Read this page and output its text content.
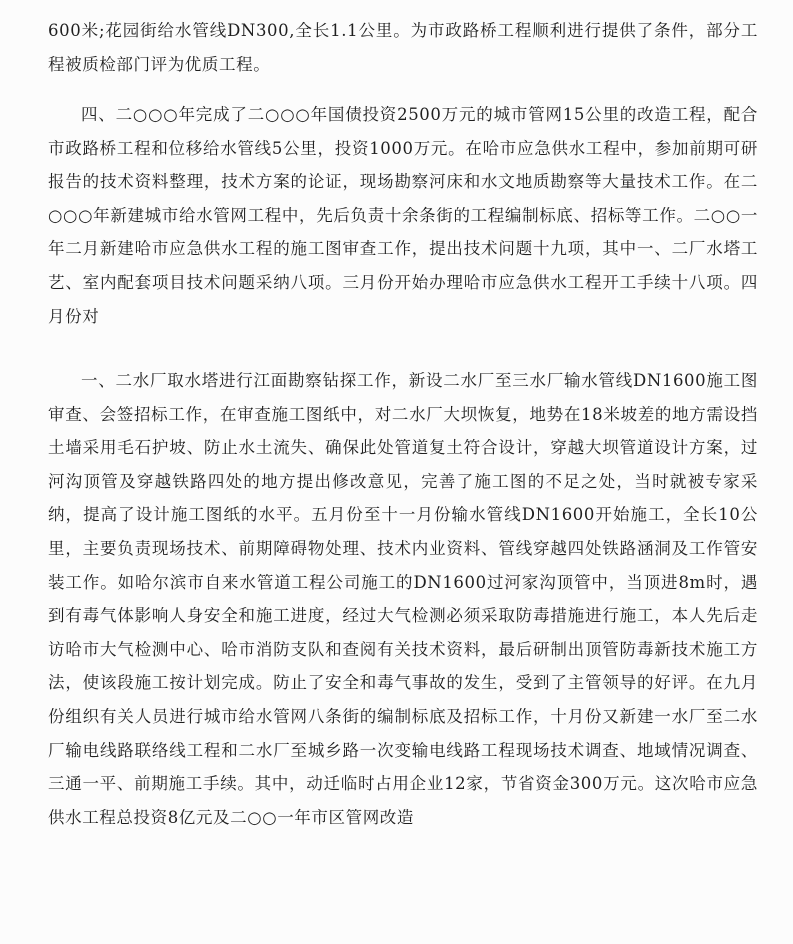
600米;花园街给水管线DN300,全长1.1公里。为市政路桥工程顺利进行提供了条件，部分工程被质检部门评为优质工程。
四、二○○○年完成了二○○○年国债投资2500万元的城市管网15公里的改造工程，配合市政路桥工程和位移给水管线5公里，投资1000万元。在哈市应急供水工程中，参加前期可研报告的技术资料整理，技术方案的论证，现场勘察河床和水文地质勘察等大量技术工作。在二○○○年新建城市给水管网工程中，先后负责十余条街的工程编制标底、招标等工作。二○○一年二月新建哈市应急供水工程的施工图审查工作，提出技术问题十九项，其中一、二厂水塔工艺、室内配套项目技术问题采纳八项。三月份开始办理哈市应急供水工程开工手续十八项。四月份对
一、二水厂取水塔进行江面勘察钻探工作，新设二水厂至三水厂输水管线DN1600施工图审查、会签招标工作，在审查施工图纸中，对二水厂大坝恢复，地势在18米坡差的地方需设挡土墙采用毛石护坡、防止水土流失、确保此处管道复土符合设计，穿越大坝管道设计方案，过河沟顶管及穿越铁路四处的地方提出修改意见，完善了施工图的不足之处，当时就被专家采纳，提高了设计施工图纸的水平。五月份至十一月份输水管线DN1600开始施工，全长10公里，主要负责现场技术、前期障碍物处理、技术内业资料、管线穿越四处铁路涵洞及工作管安装工作。如哈尔滨市自来水管道工程公司施工的DN1600过河家沟顶管中，当顶进8m时，遇到有毒气体影响人身安全和施工进度，经过大气检测必须采取防毒措施进行施工，本人先后走访哈市大气检测中心、哈市消防支队和查阅有关技术资料，最后研制出顶管防毒新技术施工方法，使该段施工按计划完成。防止了安全和毒气事故的发生，受到了主管领导的好评。在九月份组织有关人员进行城市给水管网八条街的编制标底及招标工作，十月份又新建一水厂至二水厂输电线路联络线工程和二水厂至城乡路一次变输电线路工程现场技术调查、地域情况调查、三通一平、前期施工手续。其中，动迁临时占用企业12家，节省资金300万元。这次哈市应急供水工程总投资8亿元及二○○一年市区管网改造
